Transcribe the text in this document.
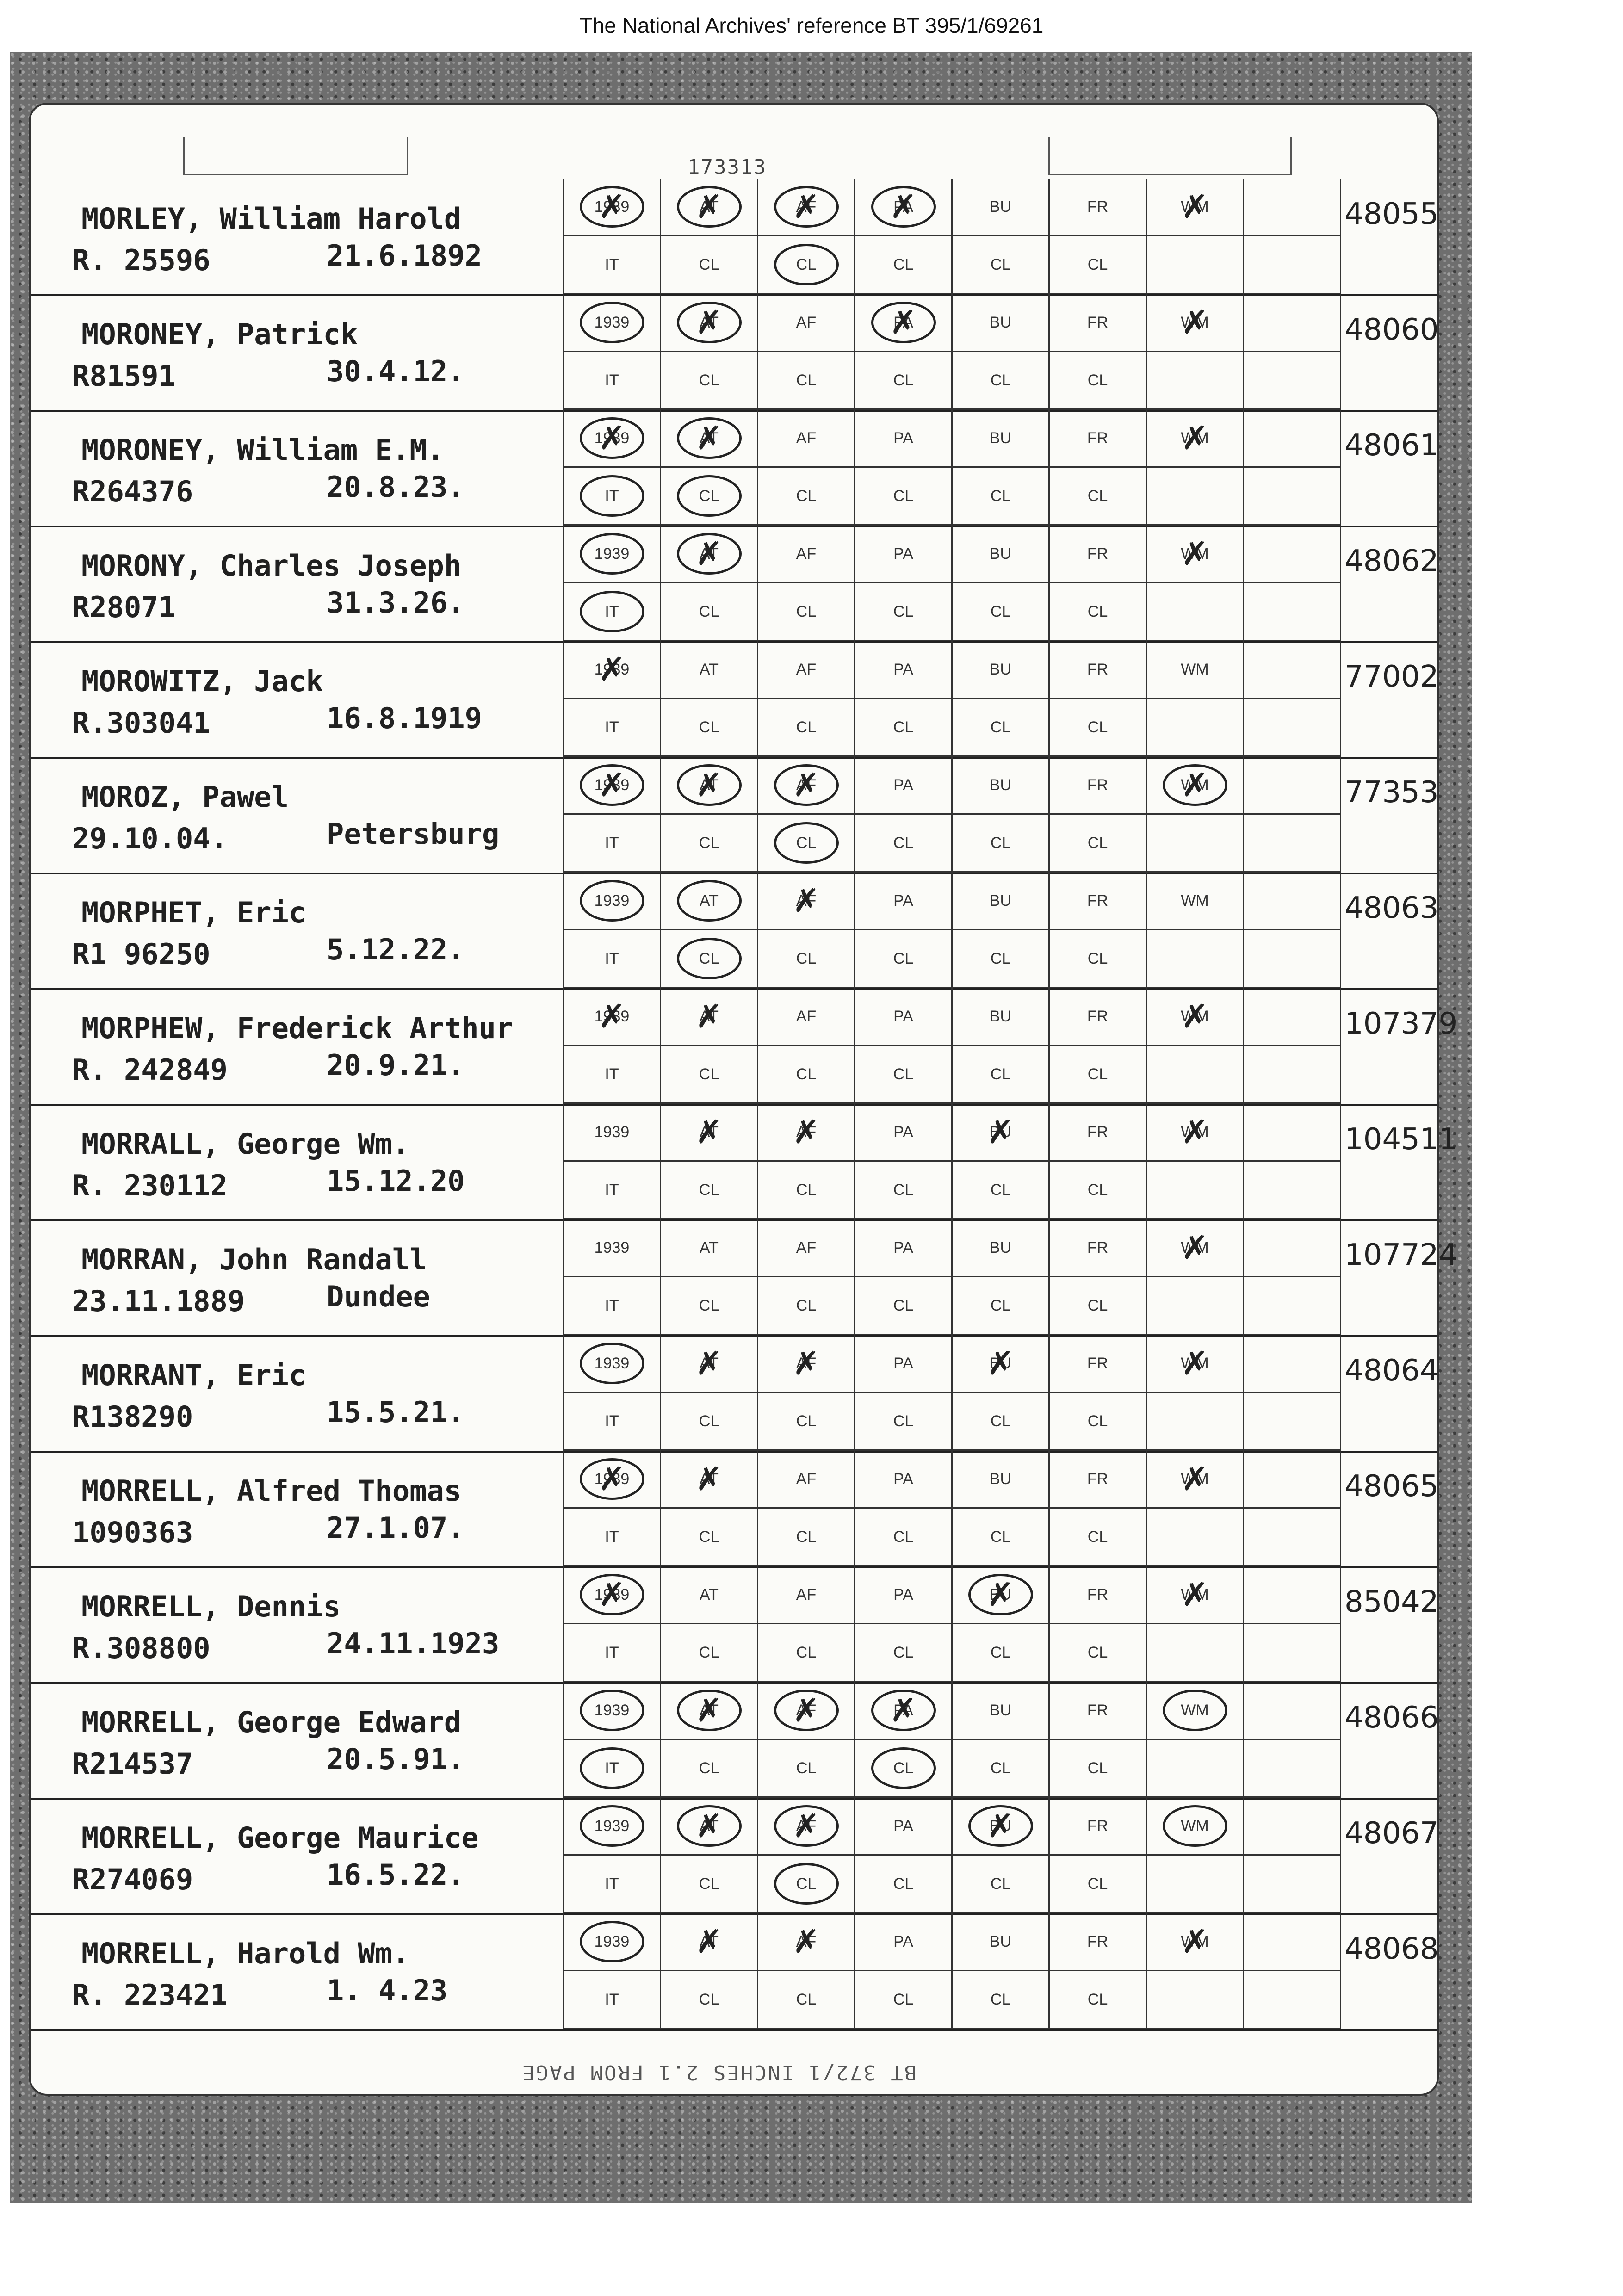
The National Archives' reference BT 395/1/69261
173313
MORLEY, William Harold
R. 25596	21.6.1892
1939 ✗	AT ✗	AF ✗	PA ✗	BU	FR	WM ✗
IT	CL	CL	CL	CL	CL
48055
MORONEY, Patrick
R81591	30.4.12.
1939	AT ✗	AF	PA ✗	BU	FR	WM ✗
IT	CL	CL	CL	CL	CL
48060
MORONEY, William E.M.
R264376	20.8.23.
1939 ✗	AT ✗	AF	PA	BU	FR	WM ✗
IT	CL	CL	CL	CL	CL
48061
MORONY, Charles Joseph
R28071	31.3.26.
1939	AT ✗	AF	PA	BU	FR	WM ✗
IT	CL	CL	CL	CL	CL
48062
MOROWITZ, Jack
R.303041	16.8.1919
1939 ✗	AT	AF	PA	BU	FR	WM
IT	CL	CL	CL	CL	CL
77002
MOROZ, Pawel
29.10.04.	Petersburg
1939 ✗	AT ✗	AF ✗	PA	BU	FR	WM ✗
IT	CL	CL	CL	CL	CL
77353
MORPHET, Eric
R1 96250	5.12.22.
1939	AT	AF ✗	PA	BU	FR	WM
IT	CL	CL	CL	CL	CL
48063
MORPHEW, Frederick Arthur
R. 242849	20.9.21.
1939 ✗	AT ✗	AF	PA	BU	FR	WM ✗
IT	CL	CL	CL	CL	CL
107379
MORRALL, George Wm.
R. 230112	15.12.20
1939	AT ✗	AF ✗	PA	BU ✗	FR	WM ✗
IT	CL	CL	CL	CL	CL
104511
MORRAN, John Randall
23.11.1889	Dundee
1939	AT	AF	PA	BU	FR	WM ✗
IT	CL	CL	CL	CL	CL
107724
MORRANT, Eric
R138290	15.5.21.
1939	AT ✗	AF ✗	PA	BU ✗	FR	WM ✗
IT	CL	CL	CL	CL	CL
48064
MORRELL, Alfred Thomas
1090363	27.1.07.
1939 ✗	AT ✗	AF	PA	BU	FR	WM ✗
IT	CL	CL	CL	CL	CL
48065
MORRELL, Dennis
R.308800	24.11.1923
1939 ✗	AT	AF	PA	BU ✗	FR	WM ✗
IT	CL	CL	CL	CL	CL
85042
MORRELL, George Edward
R214537	20.5.91.
1939	AT ✗	AF ✗	PA ✗	BU	FR	WM
IT	CL	CL	CL	CL	CL
48066
MORRELL, George Maurice
R274069	16.5.22.
1939	AT ✗	AF ✗	PA	BU ✗	FR	WM
IT	CL	CL	CL	CL	CL
48067
MORRELL, Harold Wm.
R. 223421	1. 4.23
1939	AT ✗	AF ✗	PA	BU	FR	WM ✗
IT	CL	CL	CL	CL	CL
48068
BT 372/1 INCHES 2.1 FROM PAGE
